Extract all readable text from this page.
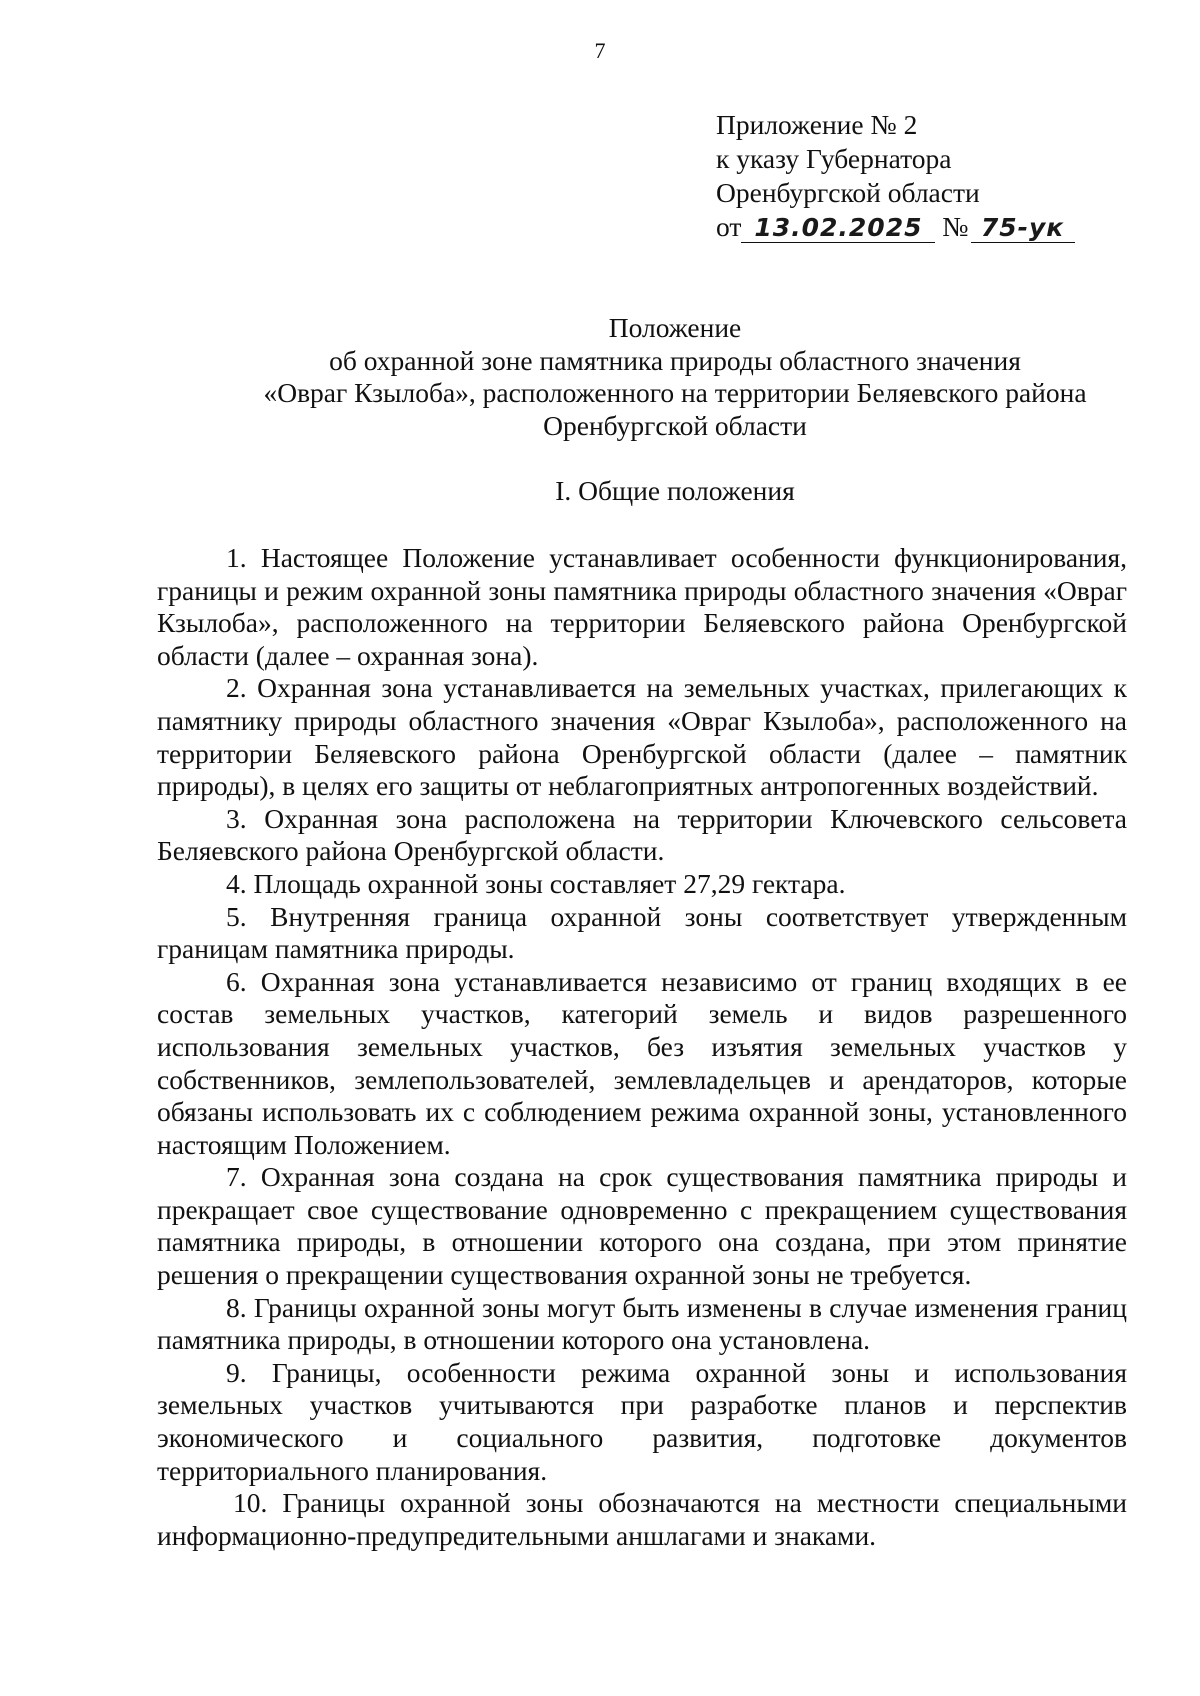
7
Приложение № 2
к указу Губернатора
Оренбургской области
от 13.02.2025 № 75-ук
Положение
об охранной зоне памятника природы областного значения
«Овраг Кзылоба», расположенного на территории Беляевского района
Оренбургской области
I. Общие положения

1. Настоящее Положение устанавливает особенности функционирования, границы и режим охранной зоны памятника природы областного значения «Овраг Кзылоба», расположенного на территории Беляевского района Оренбургской области (далее – охранная зона).

2. Охранная зона устанавливается на земельных участках, прилегающих к памятнику природы областного значения «Овраг Кзылоба», расположенного на территории Беляевского района Оренбургской области (далее – памятник природы), в целях его защиты от неблагоприятных антропогенных воздействий.

3. Охранная зона расположена на территории Ключевского сельсовета Беляевского района Оренбургской области.

4. Площадь охранной зоны составляет 27,29 гектара.

5. Внутренняя граница охранной зоны соответствует утвержденным границам памятника природы.

6. Охранная зона устанавливается независимо от границ входящих в ее состав земельных участков, категорий земель и видов разрешенного использования земельных участков, без изъятия земельных участков у собственников, землепользователей, землевладельцев и арендаторов, которые обязаны использовать их с соблюдением режима охранной зоны, установленного настоящим Положением.

7. Охранная зона создана на срок существования памятника природы и прекращает свое существование одновременно с прекращением существования памятника природы, в отношении которого она создана, при этом принятие решения о прекращении существования охранной зоны не требуется.

8. Границы охранной зоны могут быть изменены в случае изменения границ памятника природы, в отношении которого она установлена.

9. Границы, особенности режима охранной зоны и использования земельных участков учитываются при разработке планов и перспектив экономического и социального развития, подготовке документов территориального планирования.

10. Границы охранной зоны обозначаются на местности специальными информационно-предупредительными аншлагами и знаками.
